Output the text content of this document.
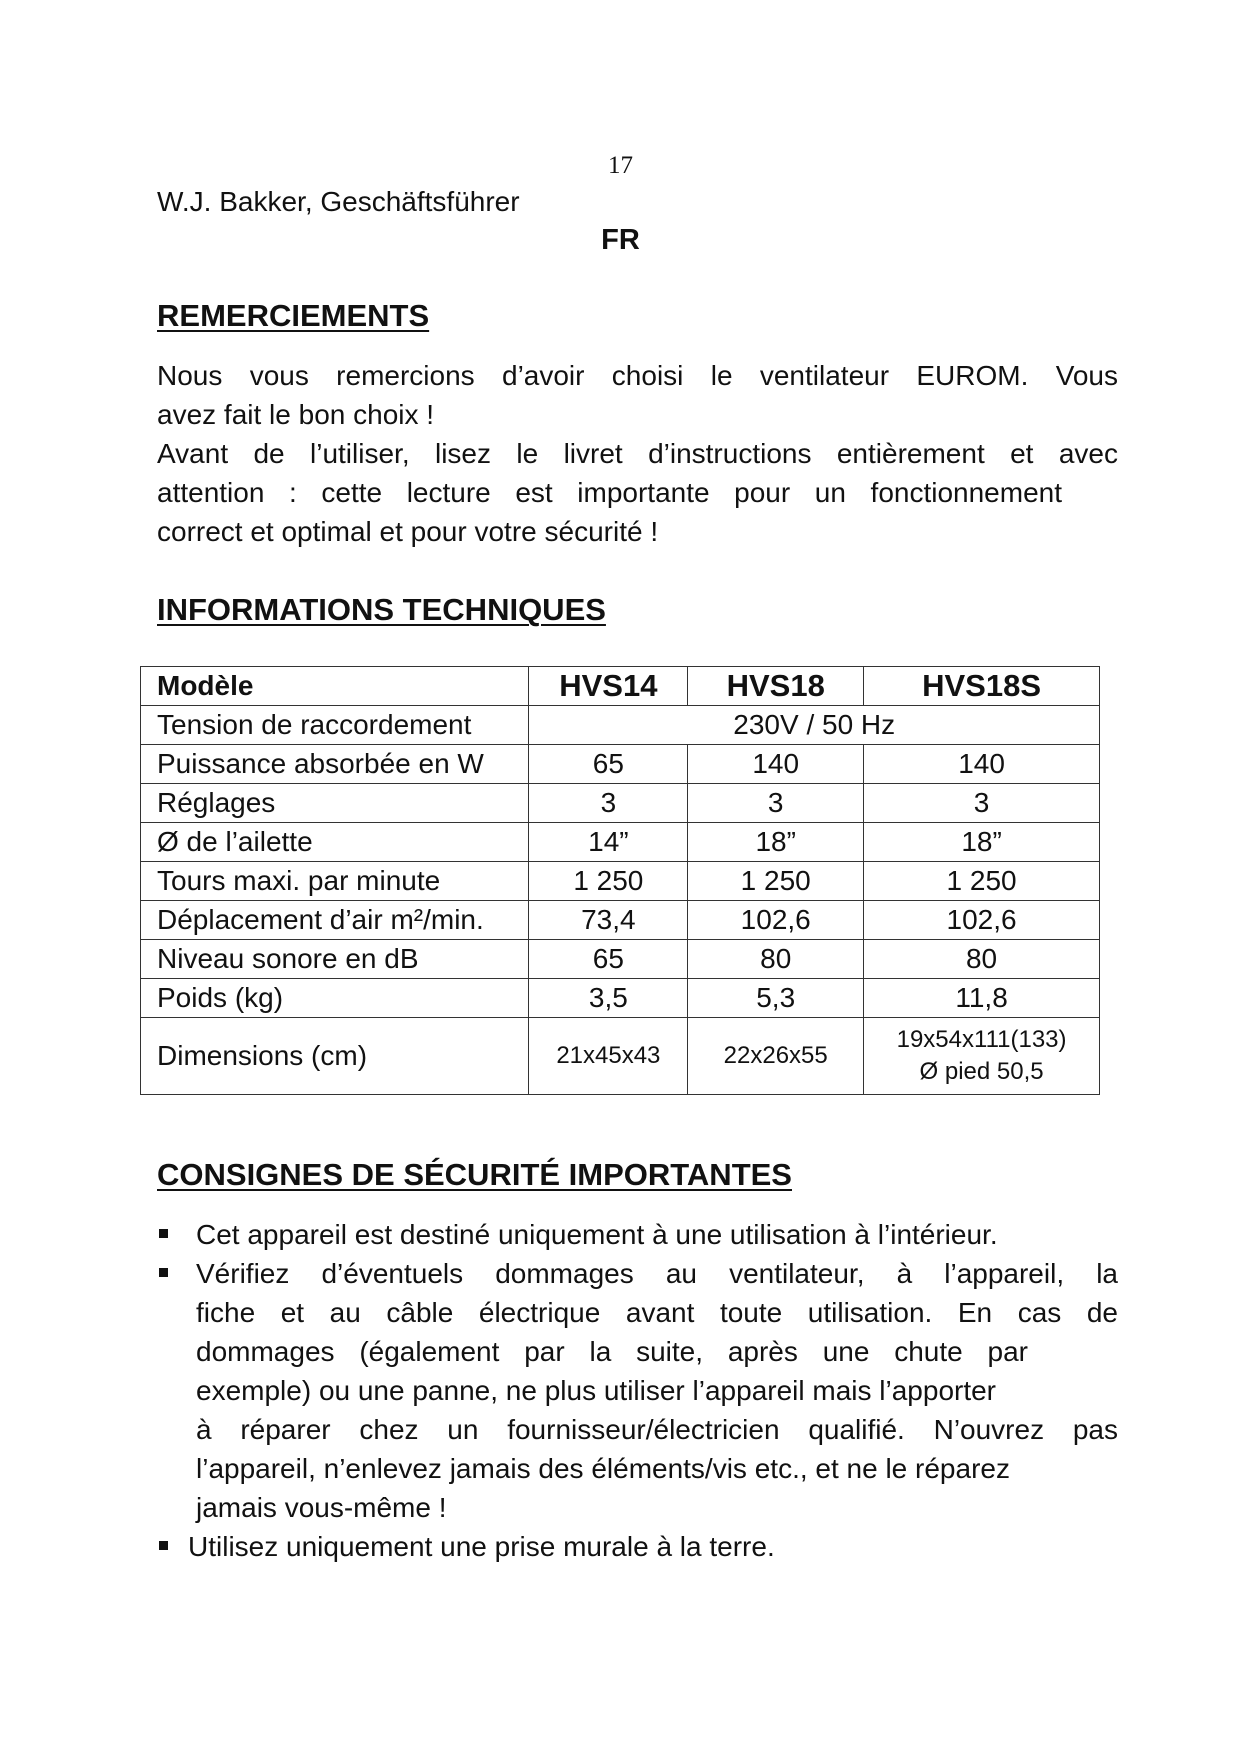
17
W.J. Bakker, Geschäftsführer
FR
REMERCIEMENTS
Nous vous remercions d’avoir choisi le ventilateur EUROM. Vous
avez fait le bon choix !
Avant de l’utiliser, lisez le livret d’instructions entièrement et avec
attention : cette lecture est importante pour un fonctionnement
correct et optimal et pour votre sécurité !
INFORMATIONS TECHNIQUES
Modèle	HVS14	HVS18	HVS18S
Tension de raccordement	230V / 50 Hz		
Puissance absorbée en W	65	140	140
Réglages	3	3	3
Ø de l’ailette	14”	18”	18”
Tours maxi. par minute	1 250	1 250	1 250
Déplacement d’air m²/min.	73,4	102,6	102,6
Niveau sonore en dB	65	80	80
Poids (kg)	3,5	5,3	11,8
Dimensions (cm)	21x45x43	22x26x55	19x54x111(133)
Ø pied 50,5
CONSIGNES DE SÉCURITÉ IMPORTANTES
Cet appareil est destiné uniquement à une utilisation à l’intérieur.
Vérifiez d’éventuels dommages au ventilateur, à l’appareil, la
fiche et au câble électrique avant toute utilisation. En cas de
dommages (également par la suite, après une chute par
exemple) ou une panne, ne plus utiliser l’appareil mais l’apporter
à réparer chez un fournisseur/électricien qualifié. N’ouvrez pas
l’appareil, n’enlevez jamais des éléments/vis etc., et ne le réparez
jamais vous-même !
Utilisez uniquement une prise murale à la terre.
